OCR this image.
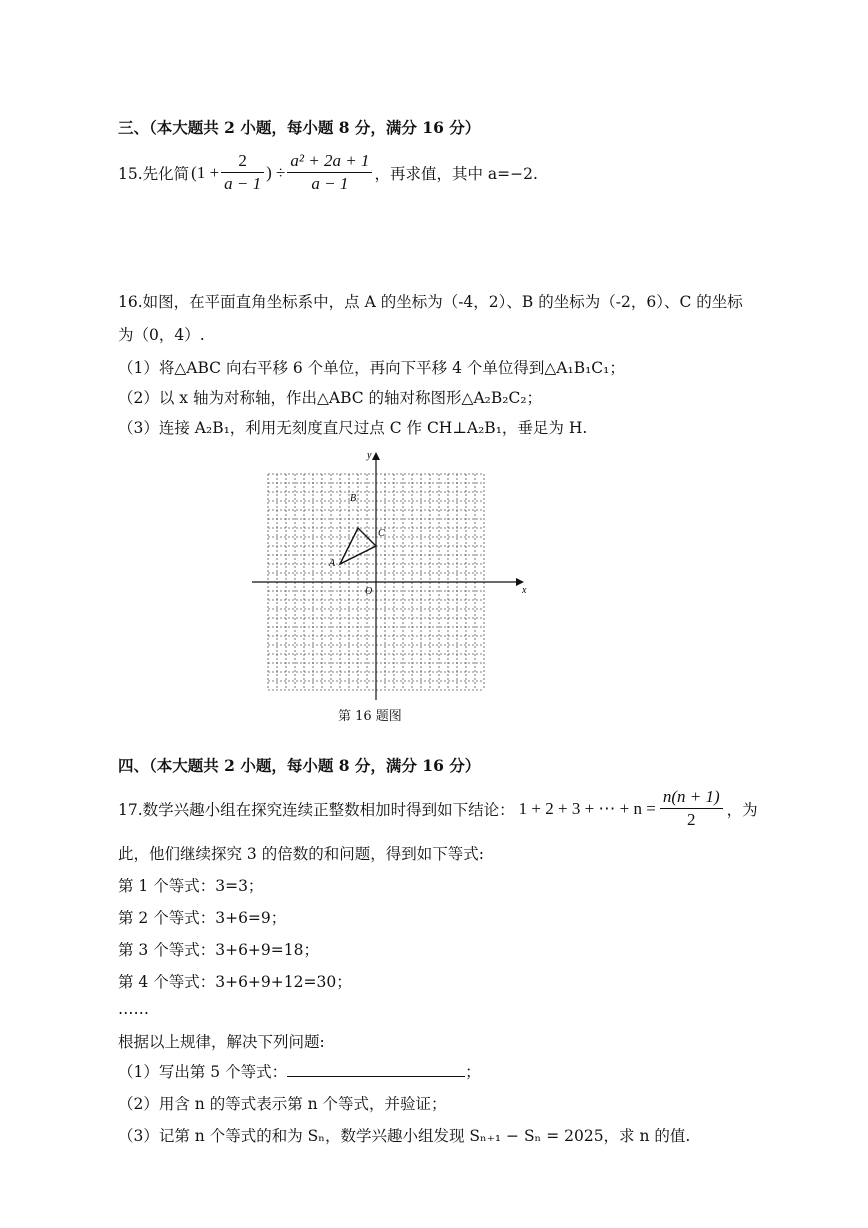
三、（本大题共 2 小题，每小题 8 分，满分 16 分）
15.先化简 ($1 + \frac{2}{a - 1}$ ) ÷ $\frac{\text{a² + 2a + 1}}{a - 1}$ ，再求值，其中 a=−2.
16.如图，在平面直角坐标系中，点 A 的坐标为（-4，2）、B 的坐标为（-2，6）、C 的坐标
为（0，4）.
（1）将△ABC 向右平移 6 个单位，再向下平移 4 个单位得到△A₁B₁C₁；
（2）以 x 轴为对称轴，作出△ABC 的轴对称图形△A₂B₂C₂；
（3）连接 A₂B₁，利用无刻度直尺过点 C 作 CH⊥A₂B₁，垂足为 H.
x
y
O
A
B
C
第 16 题图
四、（本大题共 2 小题，每小题 8 分，满分 16 分）
17.数学兴趣小组在探究连续正整数相加时得到如下结论： 1 + 2 + 3 + ⋯ + $n = \frac{n(n + 1)}{2}$ ，为
此，他们继续探究 3 的倍数的和问题，得到如下等式:
第 1 个等式：3=3；
第 2 个等式：3+6=9；
第 3 个等式：3+6+9=18；
第 4 个等式：3+6+9+12=30；
……
根据以上规律，解决下列问题:
（1）写出第 5 个等式：	；
（2）用含 n 的等式表示第 n 个等式，并验证；
（3）记第 n 个等式的和为 Sₙ，数学兴趣小组发现 Sₙ₊₁ − Sₙ = 2025，求 n 的值.
